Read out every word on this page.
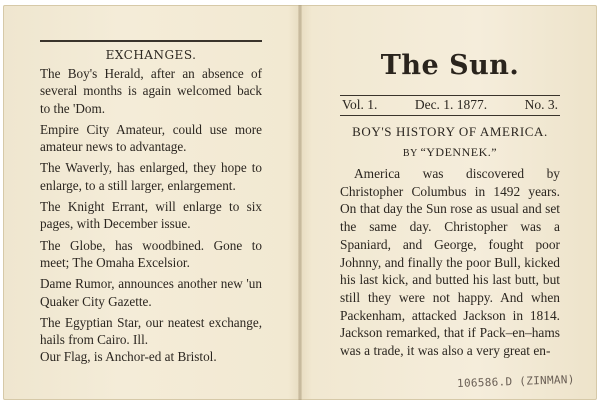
EXCHANGES.

The Boy's Herald, after an absence of several months is again welcomed back to the 'Dom.

Empire City Amateur, could use more amateur news to advantage.

The Waverly, has enlarged, they hope to enlarge, to a still larger, enlargement.

The Knight Errant, will enlarge to six pages, with December issue.

The Globe, has woodbined. Gone to meet; The Omaha Excelsior.

Dame Rumor, announces another new 'un Quaker City Gazette.

The Egyptian Star, our neatest exchange, hails from Cairo. Ill.

Our Flag, is Anchor-ed at Bristol.

The Sun.
Vol. 1.	Dec. 1. 1877.	No. 3.
BOY'S HISTORY OF AMERICA.
BY “YDENNEK.”

America was discovered by Christopher Columbus in 1492 years. On that day the Sun rose as usual and set the same day. Christopher was a Spaniard, and George, fought poor Johnny, and finally the poor Bull, kicked his last kick, and butted his last butt, but still they were not happy. And when Packenham, attacked Jackson in 1814. Jackson remarked, that if Pack–en–hams was a trade, it was also a very great en-

106586.D (ZINMAN)
